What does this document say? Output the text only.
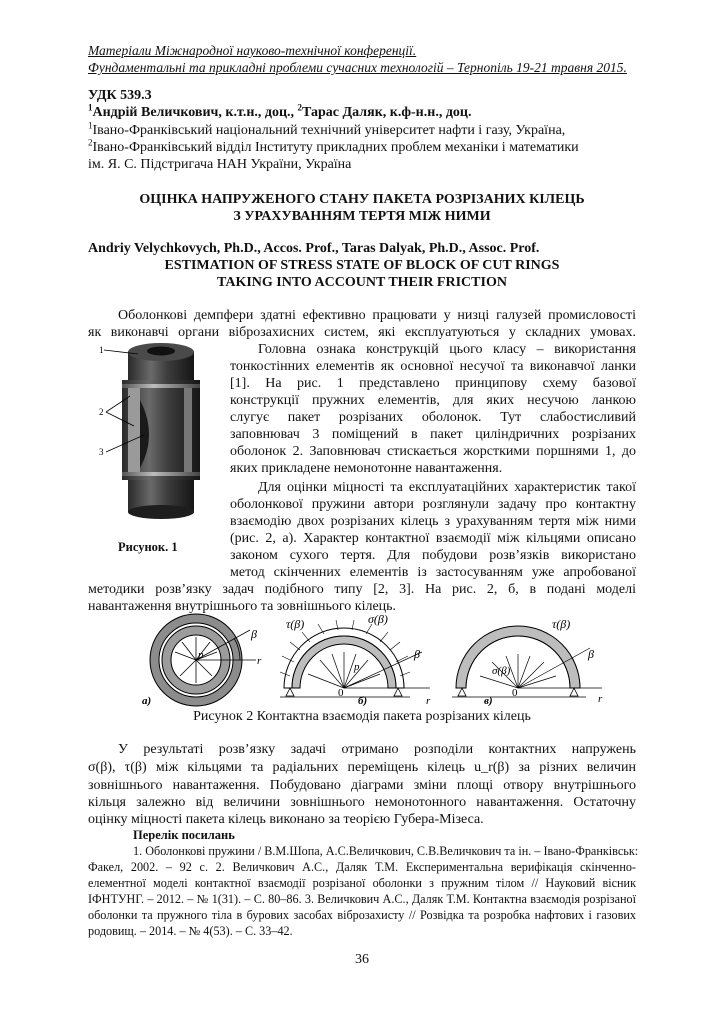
Матеріали Міжнародної науково-технічної конференції.
Фундаментальні та прикладні проблеми сучасних технологій – Тернопіль 19-21 травня 2015.
УДК 539.3
$^1$Андрій Величкович, к.т.н., доц., $^2$Тарас Даляк, к.ф-н.н., доц.
$^1$Івано-Франківський національний технічний університет нафти і газу, Україна,
$^2$Івано-Франківський відділ Інституту прикладних проблем механіки і математики
ім. Я. С. Підстригача НАН України, Україна
ОЦІНКА НАПРУЖЕНОГО СТАНУ ПАКЕТА РОЗРІЗАНИХ КІЛЕЦЬ
З УРАХУВАННЯМ ТЕРТЯ МІЖ НИМИ
Andriy Velychkovych, Ph.D., Accos. Prof., Taras Dalyak, Ph.D., Assoc. Prof.
ESTIMATION OF STRESS STATE OF BLOCK OF CUT RINGS
TAKING INTO ACCOUNT THEIR FRICTION
Оболонкові демпфери здатні ефективно працювати у низці галузей промисловості
як виконавчі органи віброзахисних систем, які експлуатуються у складних умовах.
Головна ознака конструкцій цього класу – використання
тонкостінних елементів як основної несучої та виконавчої ланки
[1]. На рис. 1 представлено принципову схему базової
конструкції пружних елементів, для яких несучою ланкою
слугує пакет розрізаних оболонок. Тут слабостисливий
заповнювач 3 поміщений в пакет циліндричних розрізаних
оболонок 2. Заповнювач стискається жорсткими поршнями 1, до
яких прикладене немонотонне навантаження.
Для оцінки міцності та експлуатаційних характеристик такої
оболонкової пружини автори розглянули задачу про контактну
взаємодію двох розрізаних кілець з урахуванням тертя між ними
(рис. 2, а). Характер контактної взаємодії між кільцями описано
законом сухого тертя. Для побудови розв’язків використано
метод скінченних елементів із застосуванням уже апробованої
методики розв’язку задач подібного типу [2, 3]. На рис. 2, б, в подані моделі
навантаження внутрішнього та зовнішнього кілець.
1
2
3
Рисунок. 1
p	r
β
а)
τ(β)	σ(β)
p
β
0
r
б)
τ(β)
σ(β)
β
0	r
в)
Рисунок 2 Контактна взаємодія пакета розрізаних кілець
У результаті розв’язку задачі отримано розподіли контактних напружень
σ(β), τ(β) між кільцями та радіальних переміщень кілець u_r(β) за різних величин
зовнішнього навантаження. Побудовано діаграми зміни площі отвору внутрішнього
кільця залежно від величини зовнішнього немонотонного навантаження. Остаточну
оцінку міцності пакета кілець виконано за теорією Губера-Мізеса.
Перелік посилань
1. Оболонкові пружини / В.М.Шопа, А.С.Величкович, С.В.Величкович та ін. – Івано-Франківськ:
Факел, 2002. – 92 с. 2. Величкович А.С., Даляк Т.М. Експериментальна верифікація скінченно-
елементної моделі контактної взаємодії розрізаної оболонки з пружним тілом // Науковий вісник
ІФНТУНГ. – 2012. – № 1(31). – С. 80–86. 3. Величкович А.С., Даляк Т.М. Контактна взаємодія розрізаної
оболонки та пружного тіла в бурових засобах віброзахисту // Розвідка та розробка нафтових і газових
родовищ. – 2014. – № 4(53). – С. 33–42.
36
